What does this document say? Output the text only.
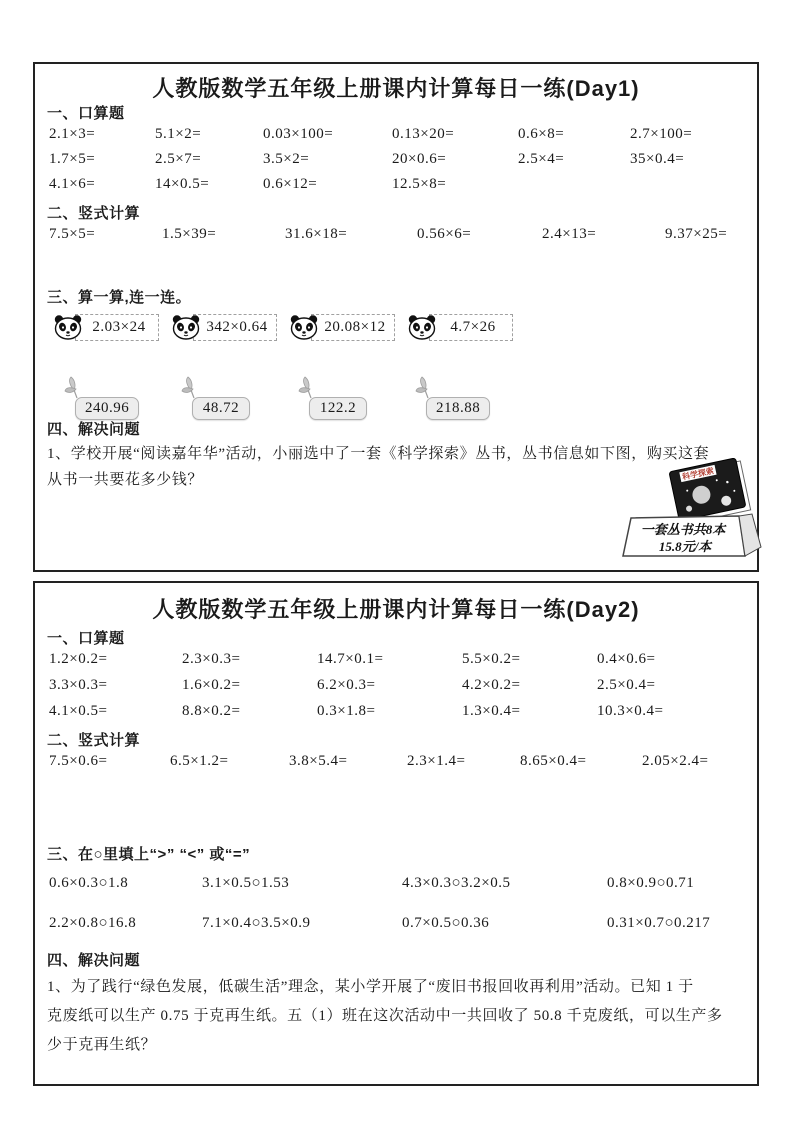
人教版数学五年级上册课内计算每日一练(Day1)
一、口算题
2.1×3=	5.1×2=	0.03×100=	0.13×20=	0.6×8=	2.7×100=
1.7×5=	2.5×7=	3.5×2=	20×0.6=	2.5×4=	35×0.4=
4.1×6=	14×0.5=	0.6×12=	12.5×8=
二、竖式计算
7.5×5=	1.5×39=	31.6×18=	0.56×6=	2.4×13=	9.37×25=
三、算一算,连一连。
2.03×24	342×0.64	20.08×12	4.7×26
240.96	48.72	122.2	218.88
四、解决问题
1、学校开展“阅读嘉年华”活动，小丽选中了一套《科学探索》丛书，丛书信息如下图，购买这套
从书一共要花多少钱？	科学探索
一套丛书共8本
15.8元/本
人教版数学五年级上册课内计算每日一练(Day2)
一、口算题
1.2×0.2=	2.3×0.3=	14.7×0.1=	5.5×0.2=	0.4×0.6=
3.3×0.3=	1.6×0.2=	6.2×0.3=	4.2×0.2=	2.5×0.4=
4.1×0.5=	8.8×0.2=	0.3×1.8=	1.3×0.4=	10.3×0.4=
二、竖式计算
7.5×0.6=	6.5×1.2=	3.8×5.4=	2.3×1.4=	8.65×0.4=	2.05×2.4=
三、在○里填上“>” “<” 或“=”
0.6×0.3○1.8	3.1×0.5○1.53	4.3×0.3○3.2×0.5	0.8×0.9○0.71
2.2×0.8○16.8	7.1×0.4○3.5×0.9	0.7×0.5○0.36	0.31×0.7○0.217
四、解决问题
1、为了践行“绿色发展，低碳生活”理念，某小学开展了“废旧书报回收再利用”活动。已知 1 于
克废纸可以生产 0.75 于克再生纸。五（1）班在这次活动中一共回收了 50.8 千克废纸，可以生产多
少于克再生纸？
